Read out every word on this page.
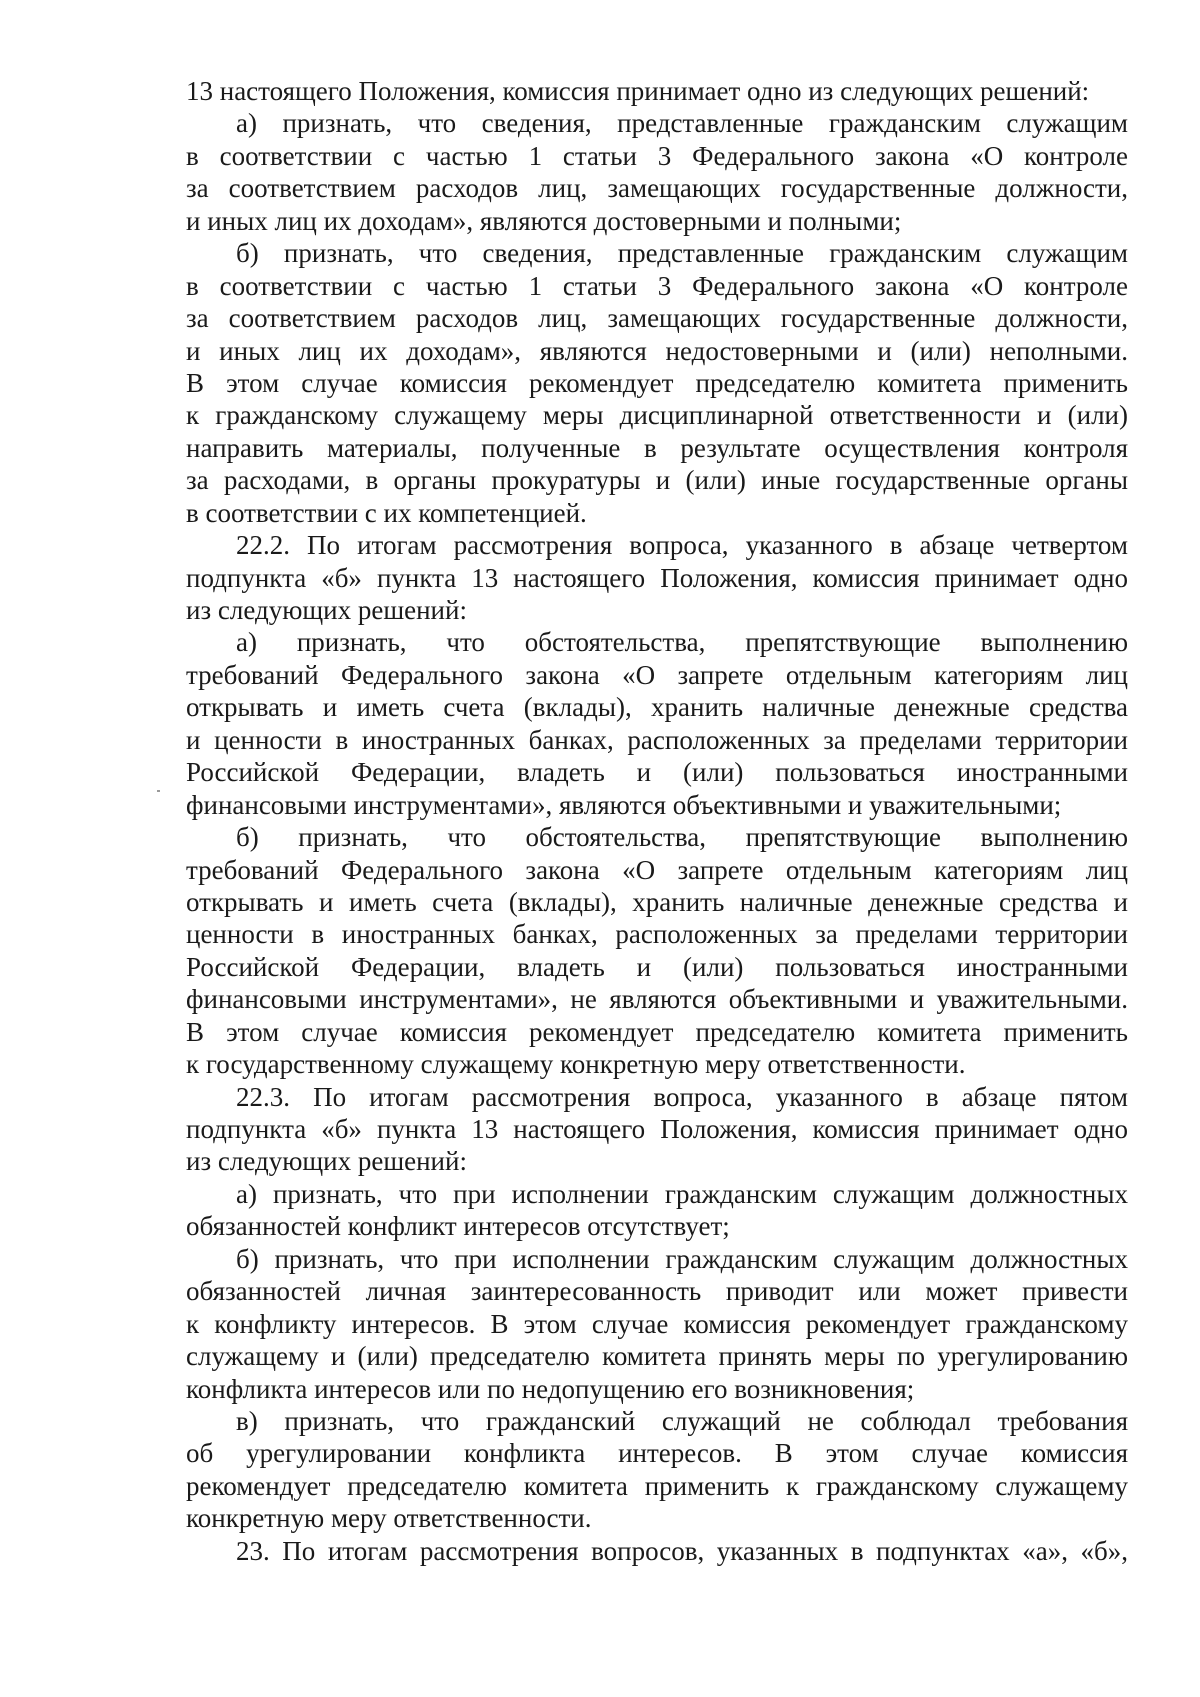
13 настоящего Положения, комиссия принимает одно из следующих решений:
а) признать, что сведения, представленные гражданским служащим
в соответствии с частью 1 статьи 3 Федерального закона «О контроле
за соответствием расходов лиц, замещающих государственные должности,
и иных лиц их доходам», являются достоверными и полными;
б) признать, что сведения, представленные гражданским служащим
в соответствии с частью 1 статьи 3 Федерального закона «О контроле
за соответствием расходов лиц, замещающих государственные должности,
и иных лиц их доходам», являются недостоверными и (или) неполными.
В этом случае комиссия рекомендует председателю комитета применить
к гражданскому служащему меры дисциплинарной ответственности и (или)
направить материалы, полученные в результате осуществления контроля
за расходами, в органы прокуратуры и (или) иные государственные органы
в соответствии с их компетенцией.
22.2. По итогам рассмотрения вопроса, указанного в абзаце четвертом
подпункта «б» пункта 13 настоящего Положения, комиссия принимает одно
из следующих решений:
а) признать, что обстоятельства, препятствующие выполнению
требований Федерального закона «О запрете отдельным категориям лиц
открывать и иметь счета (вклады), хранить наличные денежные средства
и ценности в иностранных банках, расположенных за пределами территории
Российской Федерации, владеть и (или) пользоваться иностранными
финансовыми инструментами», являются объективными и уважительными;
б) признать, что обстоятельства, препятствующие выполнению
требований Федерального закона «О запрете отдельным категориям лиц
открывать и иметь счета (вклады), хранить наличные денежные средства и
ценности в иностранных банках, расположенных за пределами территории
Российской Федерации, владеть и (или) пользоваться иностранными
финансовыми инструментами», не являются объективными и уважительными.
В этом случае комиссия рекомендует председателю комитета применить
к государственному служащему конкретную меру ответственности.
22.3. По итогам рассмотрения вопроса, указанного в абзаце пятом
подпункта «б» пункта 13 настоящего Положения, комиссия принимает одно
из следующих решений:
а) признать, что при исполнении гражданским служащим должностных
обязанностей конфликт интересов отсутствует;
б) признать, что при исполнении гражданским служащим должностных
обязанностей личная заинтересованность приводит или может привести
к конфликту интересов. В этом случае комиссия рекомендует гражданскому
служащему и (или) председателю комитета принять меры по урегулированию
конфликта интересов или по недопущению его возникновения;
в) признать, что гражданский служащий не соблюдал требования
об урегулировании конфликта интересов. В этом случае комиссия
рекомендует председателю комитета применить к гражданскому служащему
конкретную меру ответственности.
23. По итогам рассмотрения вопросов, указанных в подпунктах «а», «б»,
